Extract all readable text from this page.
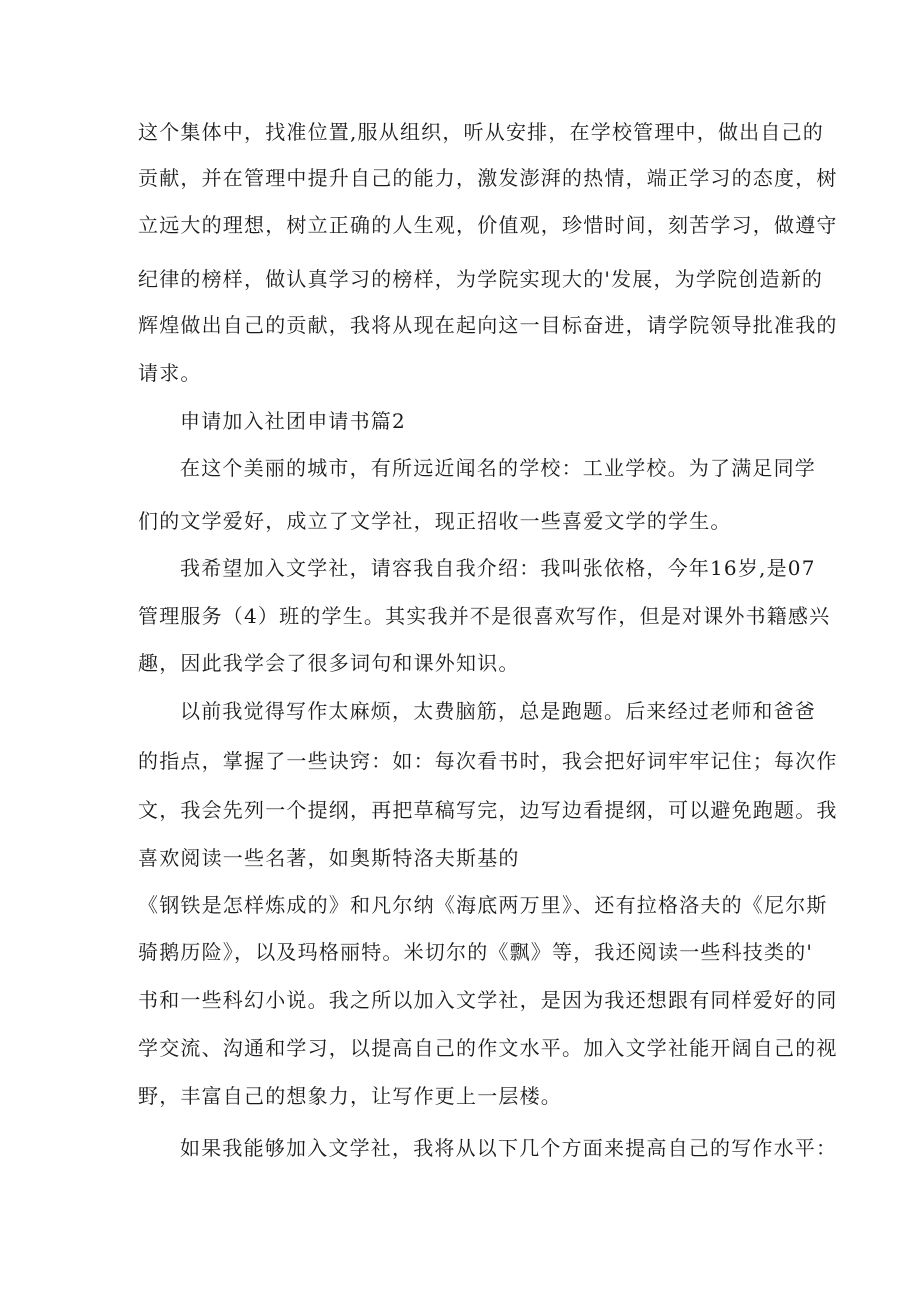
这个集体中，找准位置,服从组织，听从安排，在学校管理中，做出自己的
贡献，并在管理中提升自己的能力，激发澎湃的热情，端正学习的态度，树
立远大的理想，树立正确的人生观，价值观，珍惜时间，刻苦学习，做遵守
纪律的榜样，做认真学习的榜样，为学院实现大的'发展，为学院创造新的
辉煌做出自己的贡献，我将从现在起向这一目标奋进，请学院领导批准我的
请求。
申请加入社团申请书篇2
在这个美丽的城市，有所远近闻名的学校：工业学校。为了满足同学
们的文学爱好，成立了文学社，现正招收一些喜爱文学的学生。
我希望加入文学社，请容我自我介绍：我叫张依格，今年16岁,是07
管理服务（4）班的学生。其实我并不是很喜欢写作，但是对课外书籍感兴
趣，因此我学会了很多词句和课外知识。
以前我觉得写作太麻烦，太费脑筋，总是跑题。后来经过老师和爸爸
的指点，掌握了一些诀窍：如：每次看书时，我会把好词牢牢记住；每次作
文，我会先列一个提纲，再把草稿写完，边写边看提纲，可以避免跑题。我
喜欢阅读一些名著，如奥斯特洛夫斯基的
《钢铁是怎样炼成的》和凡尔纳《海底两万里》、还有拉格洛夫的《尼尔斯
骑鹅历险》，以及玛格丽特。米切尔的《飘》等，我还阅读一些科技类的'
书和一些科幻小说。我之所以加入文学社，是因为我还想跟有同样爱好的同
学交流、沟通和学习，以提高自己的作文水平。加入文学社能开阔自己的视
野，丰富自己的想象力，让写作更上一层楼。
如果我能够加入文学社，我将从以下几个方面来提高自己的写作水平：
